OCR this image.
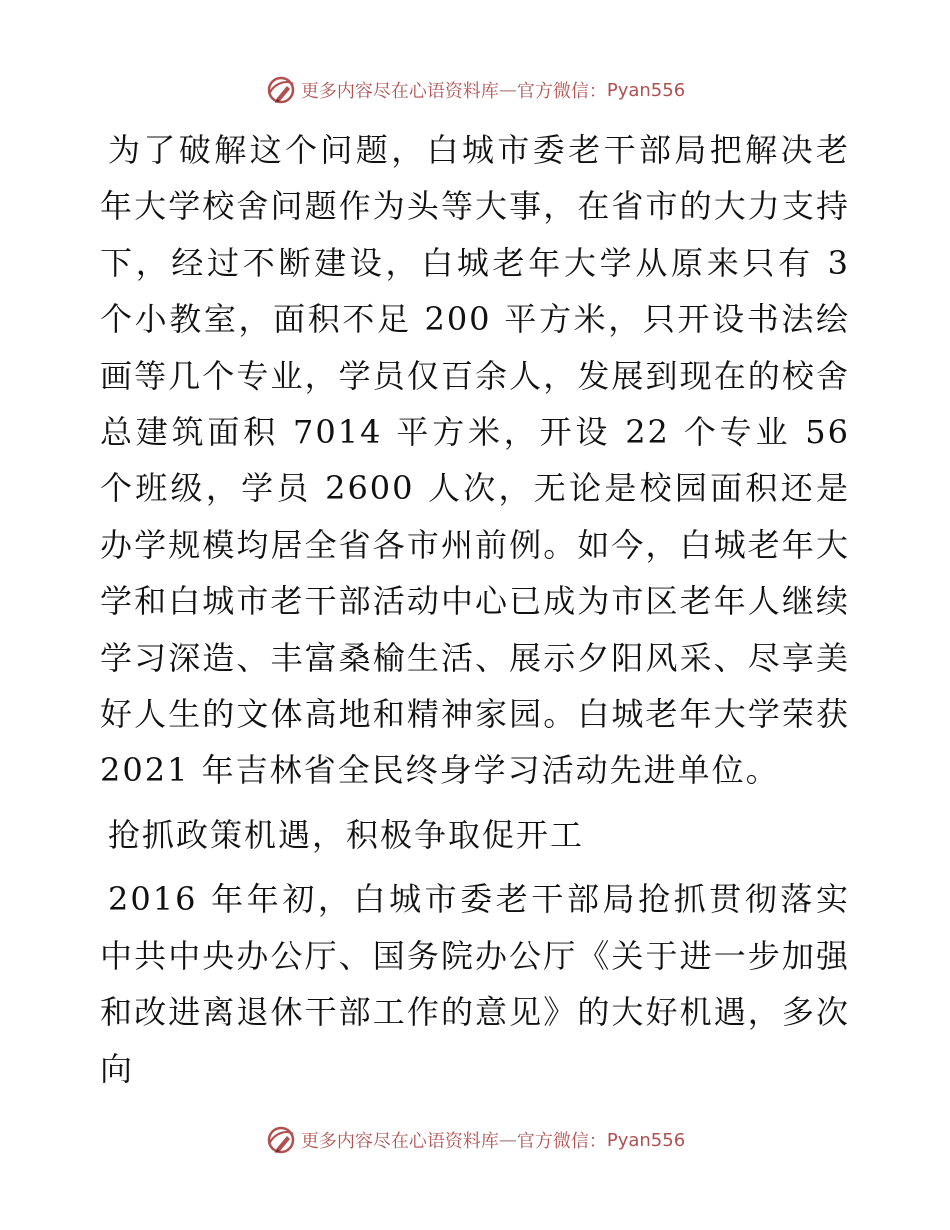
更多内容尽在心语资料库 — 官方微信： Pyan556

为了破解这个问题，白城市委老干部局把解决老年大学校舍问题作为头等大事，在省市的大力支持下，经过不断建设，白城老年大学从原来只有 3 个小教室，面积不足 200 平方米，只开设书法绘画等几个专业，学员仅百余人，发展到现在的校舍总建筑面积 7014 平方米，开设 22 个专业 56 个班级，学员 2600 人次，无论是校园面积还是办学规模均居全省各市州前例。如今，白城老年大学和白城市老干部活动中心已成为市区老年人继续学习深造、丰富桑榆生活、展示夕阳风采、尽享美好人生的文体高地和精神家园。白城老年大学荣获 2021 年吉林省全民终身学习活动先进单位。

抢抓政策机遇，积极争取促开工

2016 年年初，白城市委老干部局抢抓贯彻落实中共中央办公厅、国务院办公厅《关于进一步加强和改进离退休干部工作的意见》的大好机遇，多次向

更多内容尽在心语资料库 — 官方微信： Pyan556
